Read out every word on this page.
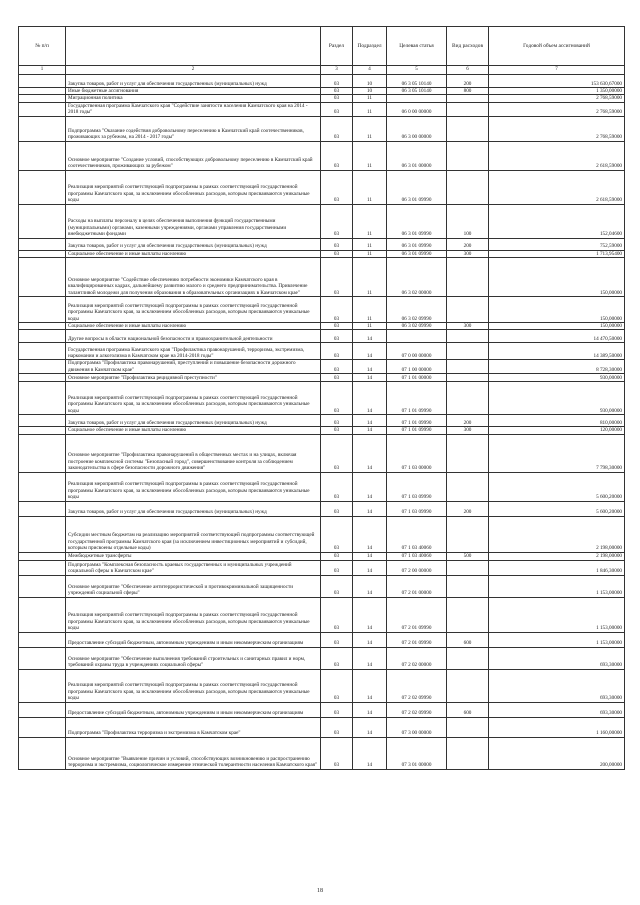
№ п/п		Раздел	Подраздел	Целевая статья	Вид расходов	Годовой объем ассигнований
1	2	3	4	5	6	7
	Закупка товаров, работ и услуг для обеспечения государственных (муниципальных) нужд	03	10	06 3 05 10140	200	153 630,67000
	Иные бюджетные ассигнования	03	10	06 3 05 10140	800	1 350,00000
	Миграционная политика	03	11			2 768,59000
	Государственная программа Камчатского края "Содействие занятости населения Камчатского края на 2014 - 2018 годы"	03	11	06 0 00 00000		2 768,59000
	Подпрограмма "Оказание содействия добровольному переселению в Камчатский край соотечественников, проживающих за рубежом, на 2014 - 2017 годы"	03	11	06 3 00 00000		2 768,59000
	Основное мероприятие "Создание условий, способствующих добровольному переселению в Камчатский край соотечественников, проживающих за рубежом"	03	11	06 3 01 00000		2 618,59000
	Реализация мероприятий соответствующей подпрограммы в рамках соответствующей государственной программы Камчатского края, за исключением обособленных расходов, которым присваиваются уникальные коды	03	11	06 3 01 09990		2 618,59000
	Расходы на выплаты персоналу в целях обеспечения выполнения функций государственными (муниципальными) органами, казенными учреждениями, органами управления государственными внебюджетными фондами	03	11	06 3 01 09990	100	152,04600
	Закупка товаров, работ и услуг для обеспечения государственных (муниципальных) нужд	03	11	06 3 01 09990	200	752,59000
	Социальное обеспечение и иные выплаты населению	03	11	06 3 01 09990	300	1 713,95400
	Основное мероприятие "Содействие обеспечению потребности экономики Камчатского края в квалифицированных кадрах, дальнейшему развитию малого и среднего предпринимательства. Привлечение талантливой молодежи для получения образования в образовательных организациях в Камчатском крае"	03	11	06 3 02 00000		150,00000
	Реализация мероприятий соответствующей подпрограммы в рамках соответствующей государственной программы Камчатского края, за исключением обособленных расходов, которым присваиваются уникальные коды	03	11	06 3 02 09990		150,00000
	Социальное обеспечение и иные выплаты населению	03	11	06 3 02 09990	300	150,00000
	Другие вопросы в области национальной безопасности и правоохранительной деятельности	03	14			14 470,50000
	Государственная программа Камчатского края "Профилактика правонарушений, терроризма, экстремизма, наркомании и алкоголизма в Камчатском крае на 2014-2018 годы"	03	14	07 0 00 00000		14 389,50000
	Подпрограмма "Профилактика правонарушений, преступлений и повышение безопасности дорожного движения в Камчатском крае"	03	14	07 1 00 00000		8 728,30000
	Основное мероприятие "Профилактика рецидивной преступности"	03	14	07 1 01 00000		930,00000
	Реализация мероприятий соответствующей подпрограммы в рамках соответствующей государственной программы Камчатского края, за исключением обособленных расходов, которым присваиваются уникальные коды	03	14	07 1 01 09990		930,00000
	Закупка товаров, работ и услуг для обеспечения государственных (муниципальных) нужд	03	14	07 1 01 09990	200	810,00000
	Социальное обеспечение и иные выплаты населению	03	14	07 1 01 09990	300	120,00000
	Основное мероприятие "Профилактика правонарушений в общественных местах и на улицах, включая построение комплексной системы "Безопасный город", совершенствование контроля за соблюдением законодательства в сфере безопасности дорожного движения"	03	14	07 1 03 00000		7 798,30000
	Реализация мероприятий соответствующей подпрограммы в рамках соответствующей государственной программы Камчатского края, за исключением обособленных расходов, которым присваиваются уникальные коды	03	14	07 1 03 09990		5 600,20000
	Закупка товаров, работ и услуг для обеспечения государственных (муниципальных) нужд	03	14	07 1 03 09990	200	5 600,20000
	Субсидии местным бюджетам на реализацию мероприятий соответствующей подпрограммы соответствующей государственной программы Камчатского края (за исключением инвестиционных мероприятий и субсидий, которым присвоены отдельные коды)	03	14	07 1 03 40060		2 198,00000
	Межбюджетные трансферты	03	14	07 1 03 40060	500	2 198,00000
	Подпрограмма "Комплексная безопасность краевых государственных и муниципальных учреждений социальной сферы в Камчатском крае"	03	14	07 2 00 00000		1 846,30000
	Основное мероприятие "Обеспечение антитеррористической и противокриминальной защищенности учреждений социальной сферы"	03	14	07 2 01 00000		1 153,00000
	Реализация мероприятий соответствующей подпрограммы в рамках соответствующей государственной программы Камчатского края, за исключением обособленных расходов, которым присваиваются уникальные коды	03	14	07 2 01 09990		1 153,00000
	Предоставление субсидий бюджетным, автономным учреждениям и иным некоммерческим организациям	03	14	07 2 01 09990	600	1 153,00000
	Основное мероприятие "Обеспечение выполнения требований строительных и санитарных правил и норм, требований охраны труда в учреждениях социальной сферы"	03	14	07 2 02 00000		693,30000
	Реализация мероприятий соответствующей подпрограммы в рамках соответствующей государственной программы Камчатского края, за исключением обособленных расходов, которым присваиваются уникальные коды	03	14	07 2 02 09990		693,30000
	Предоставление субсидий бюджетным, автономным учреждениям и иным некоммерческим организациям	03	14	07 2 02 09990	600	693,30000
	Подпрограмма "Профилактика терроризма и экстремизма в Камчатском крае"	03	14	07 3 00 00000		1 160,00000
	Основное мероприятие "Выявление причин и условий, способствующих возникновению и распространению терроризма и экстремизма, социологическое измерение этнической толерантности населения Камчатского края"	03	14	07 3 01 00000		200,00000
18
